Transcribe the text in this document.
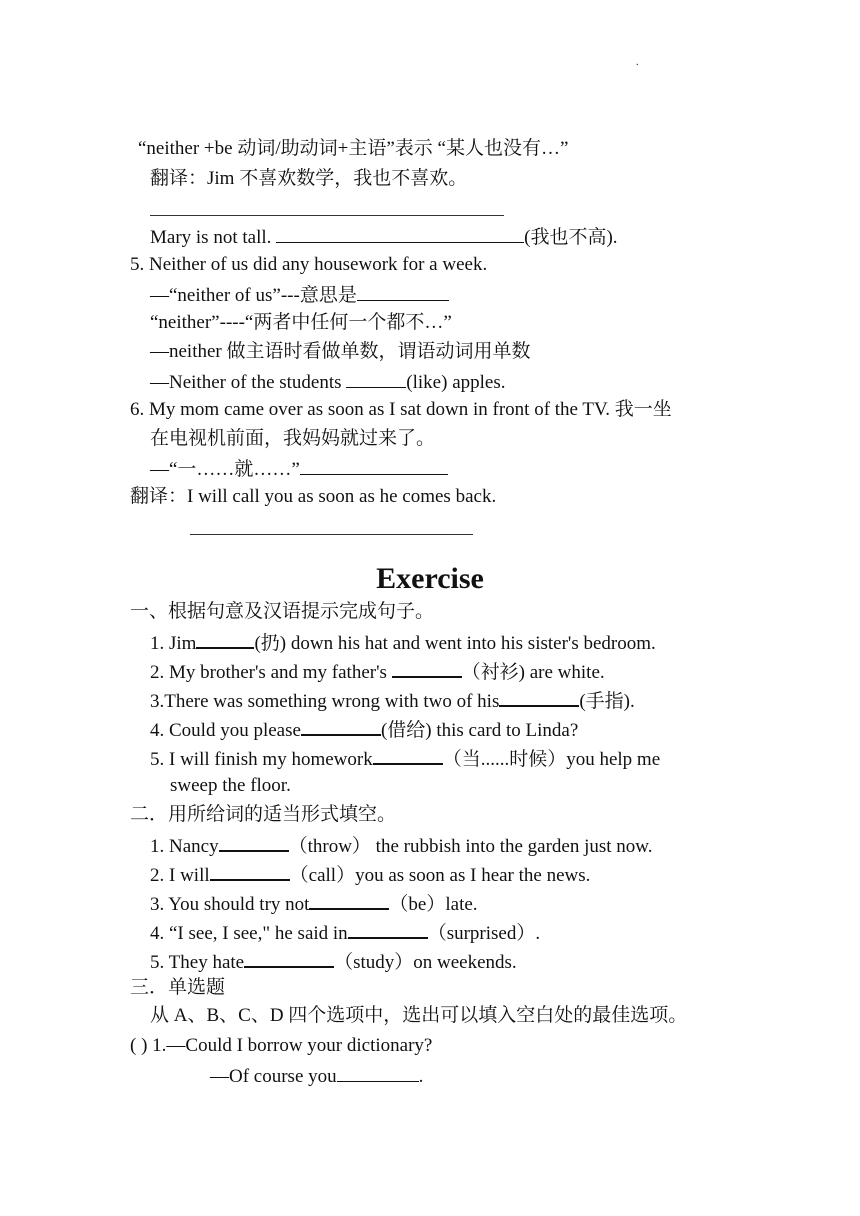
.
“neither +be 动词/助动词+主语”表示 “某人也没有…”
翻译：Jim 不喜欢数学，我也不喜欢。
Mary is not tall.	(我也不高).
5. Neither of us did any housework for a week.
—“neither of us”---意思是
“neither”----“两者中任何一个都不…”
—neither 做主语时看做单数，谓语动词用单数
—Neither of the students	(like) apples.
6. My mom came over as soon as I sat down in front of the TV. 我一坐
在电视机前面，我妈妈就过来了。
—“一……就……”
翻译：I will call you as soon as he comes back.
Exercise
一、根据句意及汉语提示完成句子。
1. Jim	(扔) down his hat and went into his sister's bedroom.
2. My brother's and my father's	（衬衫) are white.
3.There was something wrong with two of his	(手指).
4. Could you please	(借给) this card to Linda?
5. I will finish my homework	（当......时候）you help me
sweep the floor.
二．用所给词的适当形式填空。
1. Nancy	（throw） the rubbish into the garden just now.
2. I will	（call）you as soon as I hear the news.
3. You should try not	（be）late.
4. “I see, I see," he said in	（surprised）.
5. They hate	（study）on weekends.
三．单选题
从 A、B、C、D 四个选项中，选出可以填入空白处的最佳选项。
( ) 1.—Could I borrow your dictionary?
—Of course you	.
